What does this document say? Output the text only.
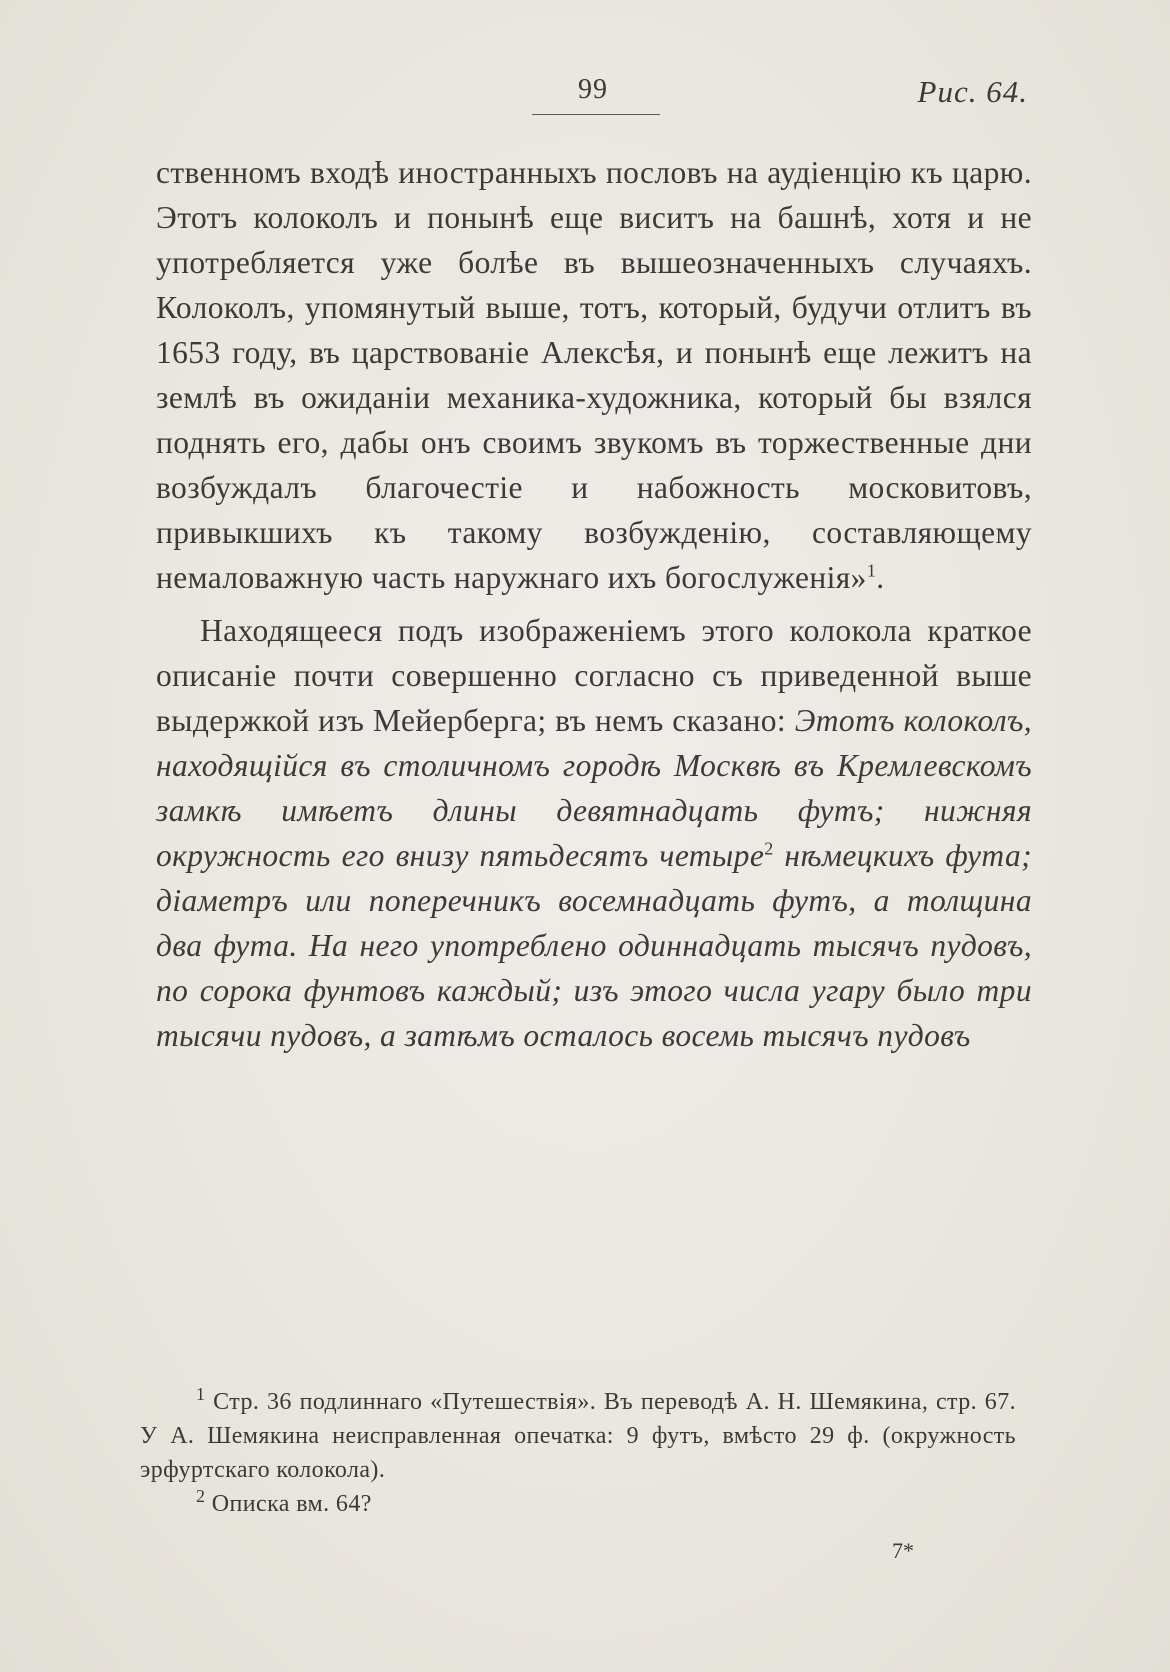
99	Рис. 64.

ственномъ входѣ иностранныхъ пословъ на аудіенцію къ царю. Этотъ колоколъ и понынѣ еще виситъ на башнѣ, хотя и не употребляется уже болѣе въ вышеозначенныхъ случаяхъ. Колоколъ, упомянутый выше, тотъ, который, будучи отлитъ въ 1653 году, въ царствованіе Алексѣя, и понынѣ еще лежитъ на землѣ въ ожиданіи механика-художника, который бы взялся поднять его, дабы онъ своимъ звукомъ въ торжественные дни возбуждалъ благочестіе и набожность московитовъ, привыкшихъ къ такому возбужденію, составляющему немаловажную часть наружнаго ихъ богослуженія»$^1$.

Находящееся подъ изображеніемъ этого колокола краткое описаніе почти совершенно согласно съ приведенной выше выдержкой изъ Мейерберга; въ немъ сказано: Этотъ колоколъ, находящійся въ столичномъ городѣ Москвѣ въ Кремлевскомъ замкѣ имѣетъ длины девятнадцать футъ; нижняя окружность его внизу пятьдесятъ четыре$^2$ нѣмецкихъ фута; діаметръ или поперечникъ восемнадцать футъ, а толщина два фута. На него употреблено одиннадцать тысячъ пудовъ, по сорока фунтовъ каждый; изъ этого числа угару было три тысячи пудовъ, а затѣмъ осталось восемь тысячъ пудовъ

$^1$ Стр. 36 подлиннаго «Путешествія». Въ переводѣ А. Н. Шемякина, стр. 67. У А. Шемякина неисправленная опечатка: 9 футъ, вмѣсто 29 ф. (окружность эрфуртскаго колокола).

$^2$ Описка вм. 64?

7*
